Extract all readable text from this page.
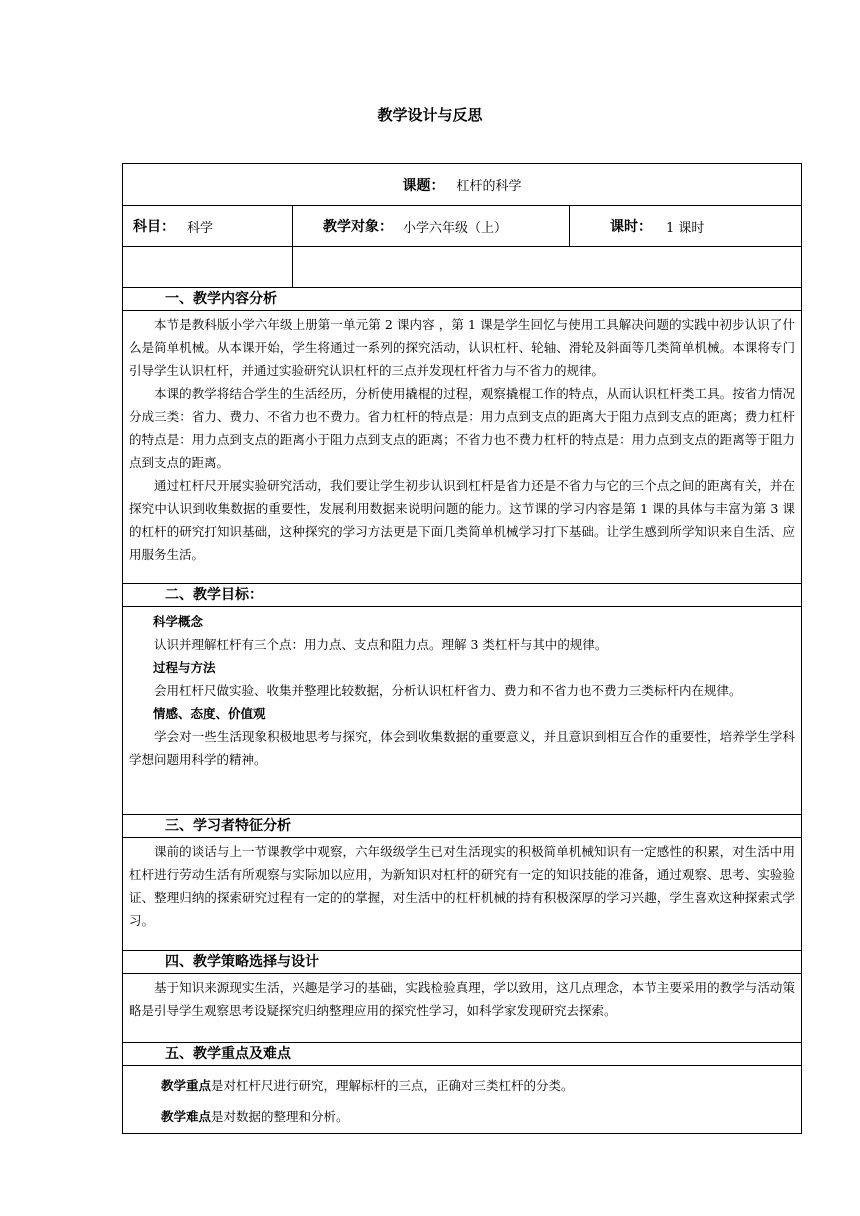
教学设计与反思
课题： 杠杆的科学
科目： 科学	教学对象： 小学六年级（上）	课时： 1 课时
一、教学内容分析

本节是教科版小学六年级上册第一单元第 2 课内容 ，第 1 课是学生回忆与使用工具解决问题的实践中初步认识了什么是简单机械。从本课开始，学生将通过一系列的探究活动，认识杠杆、轮轴、滑轮及斜面等几类简单机械。本课将专门引导学生认识杠杆，并通过实验研究认识杠杆的三点并发现杠杆省力与不省力的规律。

本课的教学将结合学生的生活经历，分析使用撬棍的过程，观察撬棍工作的特点，从而认识杠杆类工具。按省力情况分成三类：省力、费力、不省力也不费力。省力杠杆的特点是：用力点到支点的距离大于阻力点到支点的距离；费力杠杆的特点是：用力点到支点的距离小于阻力点到支点的距离；不省力也不费力杠杆的特点是：用力点到支点的距离等于阻力点到支点的距离。

通过杠杆尺开展实验研究活动，我们要让学生初步认识到杠杆是省力还是不省力与它的三个点之间的距离有关，并在探究中认识到收集数据的重要性，发展利用数据来说明问题的能力。这节课的学习内容是第 1 课的具体与丰富为第 3 课的杠杆的研究打知识基础，这种探究的学习方法更是下面几类简单机械学习打下基础。让学生感到所学知识来自生活、应用服务生活。

二、教学目标：
科学概念
认识并理解杠杆有三个点：用力点、支点和阻力点。理解 3 类杠杆与其中的规律。
过程与方法
会用杠杆尺做实验、收集并整理比较数据，分析认识杠杆省力、费力和不省力也不费力三类标杆内在规律。
情感、态度、价值观
学会对一些生活现象积极地思考与探究，体会到收集数据的重要意义，并且意识到相互合作的重要性，培养学生学科学想问题用科学的精神。
三、学习者特征分析

课前的谈话与上一节课教学中观察，六年级级学生已对生活现实的积极简单机械知识有一定感性的积累，对生活中用杠杆进行劳动生活有所观察与实际加以应用，为新知识对杠杆的研究有一定的知识技能的准备，通过观察、思考、实验验证、整理归纳的探索研究过程有一定的的掌握，对生活中的杠杆机械的持有积极深厚的学习兴趣，学生喜欢这种探索式学习。

四、教学策略选择与设计

基于知识来源现实生活，兴趣是学习的基础，实践检验真理，学以致用，这几点理念，本节主要采用的教学与活动策略是引导学生观察思考设疑探究归纳整理应用的探究性学习，如科学家发现研究去探索。

五、教学重点及难点
教学重点是对杠杆尺进行研究，理解标杆的三点，正确对三类杠杆的分类。
教学难点是对数据的整理和分析。
